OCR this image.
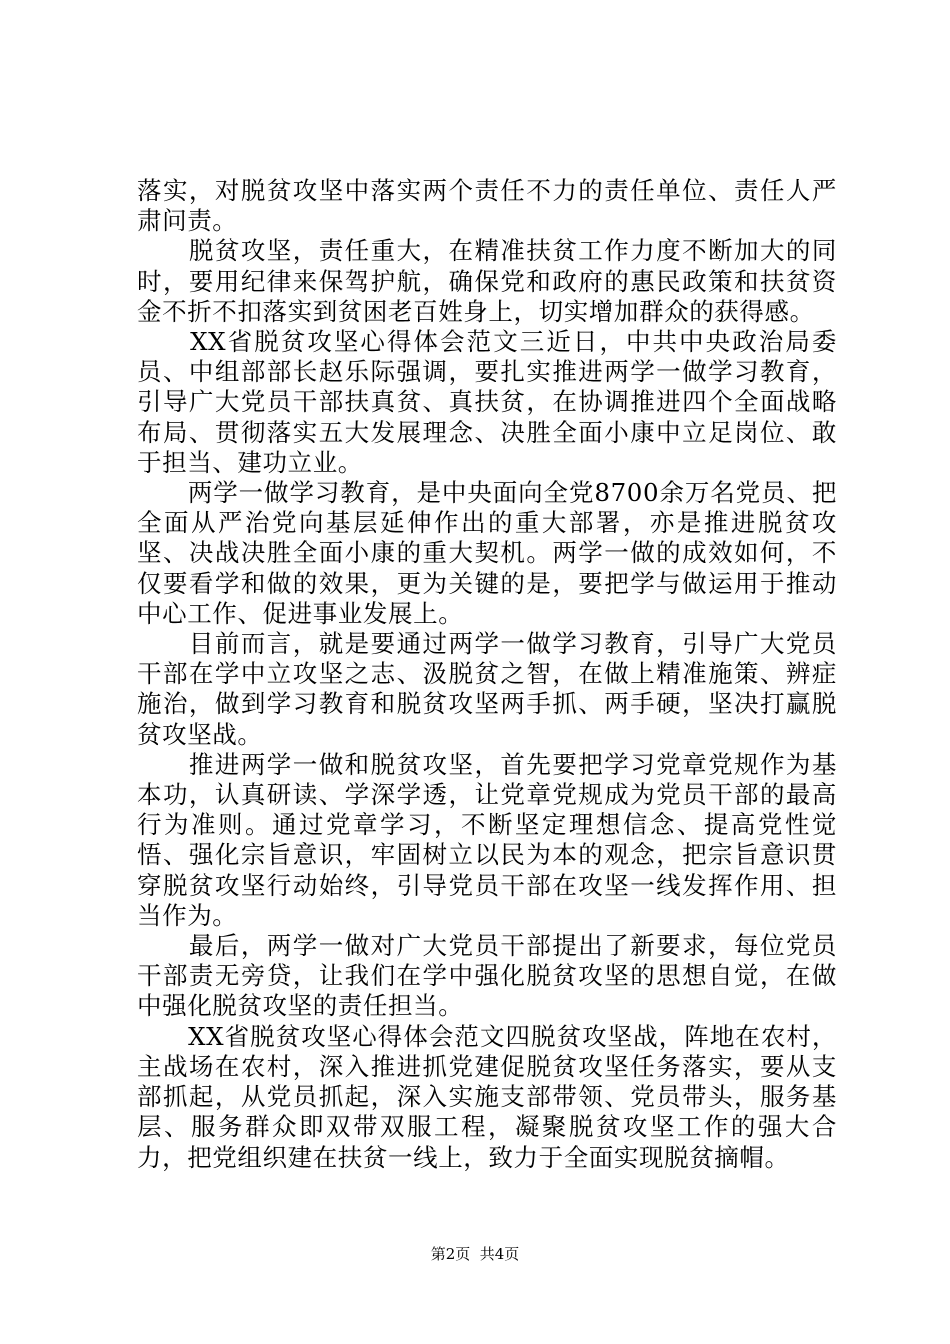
落实，对脱贫攻坚中落实两个责任不力的责任单位、责任人严肃问责。

　　脱贫攻坚，责任重大，在精准扶贫工作力度不断加大的同时，要用纪律来保驾护航，确保党和政府的惠民政策和扶贫资金不折不扣落实到贫困老百姓身上，切实增加群众的获得感。

　　XX省脱贫攻坚心得体会范文三近日，中共中央政治局委员、中组部部长赵乐际强调，要扎实推进两学一做学习教育，引导广大党员干部扶真贫、真扶贫，在协调推进四个全面战略布局、贯彻落实五大发展理念、决胜全面小康中立足岗位、敢于担当、建功立业。

　　两学一做学习教育，是中央面向全党8700余万名党员、把全面从严治党向基层延伸作出的重大部署，亦是推进脱贫攻坚、决战决胜全面小康的重大契机。两学一做的成效如何，不仅要看学和做的效果，更为关键的是，要把学与做运用于推动中心工作、促进事业发展上。

　　目前而言，就是要通过两学一做学习教育，引导广大党员干部在学中立攻坚之志、汲脱贫之智，在做上精准施策、辨症施治，做到学习教育和脱贫攻坚两手抓、两手硬，坚决打赢脱贫攻坚战。

　　推进两学一做和脱贫攻坚，首先要把学习党章党规作为基本功，认真研读、学深学透，让党章党规成为党员干部的最高行为准则。通过党章学习，不断坚定理想信念、提高党性觉悟、强化宗旨意识，牢固树立以民为本的观念，把宗旨意识贯穿脱贫攻坚行动始终，引导党员干部在攻坚一线发挥作用、担当作为。

　　最后，两学一做对广大党员干部提出了新要求，每位党员干部责无旁贷，让我们在学中强化脱贫攻坚的思想自觉，在做中强化脱贫攻坚的责任担当。

　　XX省脱贫攻坚心得体会范文四脱贫攻坚战，阵地在农村，主战场在农村，深入推进抓党建促脱贫攻坚任务落实，要从支部抓起，从党员抓起，深入实施支部带领、党员带头，服务基层、服务群众即双带双服工程，凝聚脱贫攻坚工作的强大合力，把党组织建在扶贫一线上，致力于全面实现脱贫摘帽。

第2页  共4页
